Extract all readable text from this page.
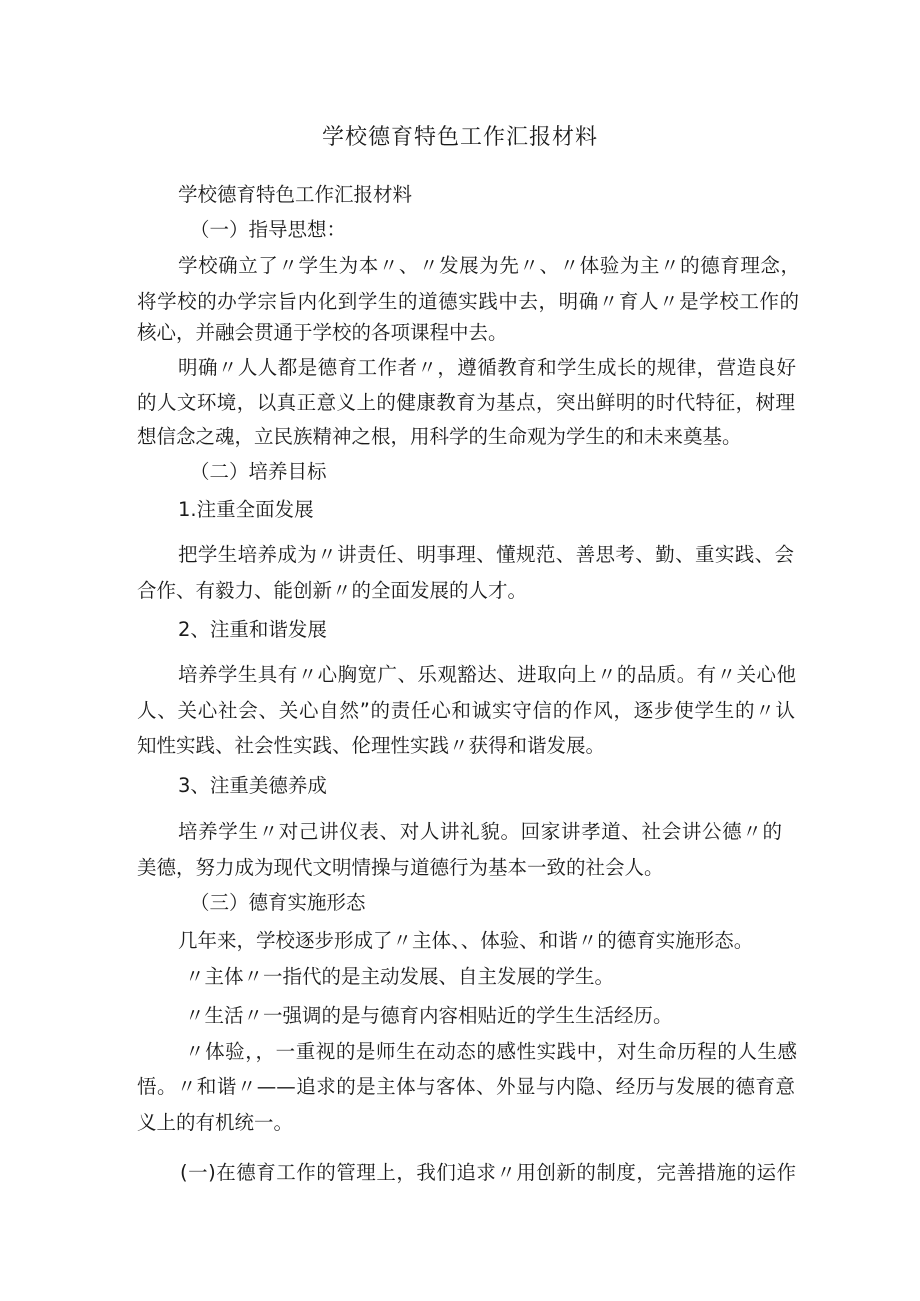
学校德育特色工作汇报材料
学校德育特色工作汇报材料
（一）指导思想：
学校确立了〃学生为本〃、〃发展为先〃、〃体验为主〃的德育理念，
将学校的办学宗旨内化到学生的道德实践中去，明确〃育人〃是学校工作的
核心，并融会贯通于学校的各项课程中去。
明确〃人人都是德育工作者〃，遵循教育和学生成长的规律，营造良好
的人文环境，以真正意义上的健康教育为基点，突出鲜明的时代特征，树理
想信念之魂，立民族精神之根，用科学的生命观为学生的和未来奠基。
（二）培养目标
1.注重全面发展
把学生培养成为〃讲责任、明事理、懂规范、善思考、勤、重实践、会
合作、有毅力、能创新〃的全面发展的人才。
2、注重和谐发展
培养学生具有〃心胸宽广、乐观豁达、进取向上〃的品质。有〃关心他
人、关心社会、关心自然”的责任心和诚实守信的作风，逐步使学生的〃认
知性实践、社会性实践、伦理性实践〃获得和谐发展。
3、注重美德养成
培养学生〃对己讲仪表、对人讲礼貌。回家讲孝道、社会讲公德〃的
美德，努力成为现代文明情操与道德行为基本一致的社会人。
（三）德育实施形态
几年来，学校逐步形成了〃主体、、体验、和谐〃的德育实施形态。
〃主体〃一指代的是主动发展、自主发展的学生。
〃生活〃一强调的是与德育内容相贴近的学生生活经历。
〃体验，，一重视的是师生在动态的感性实践中，对生命历程的人生感
悟。〃和谐〃——追求的是主体与客体、外显与内隐、经历与发展的德育意
义上的有机统一。
(一)在德育工作的管理上，我们追求〃用创新的制度，完善措施的运作
